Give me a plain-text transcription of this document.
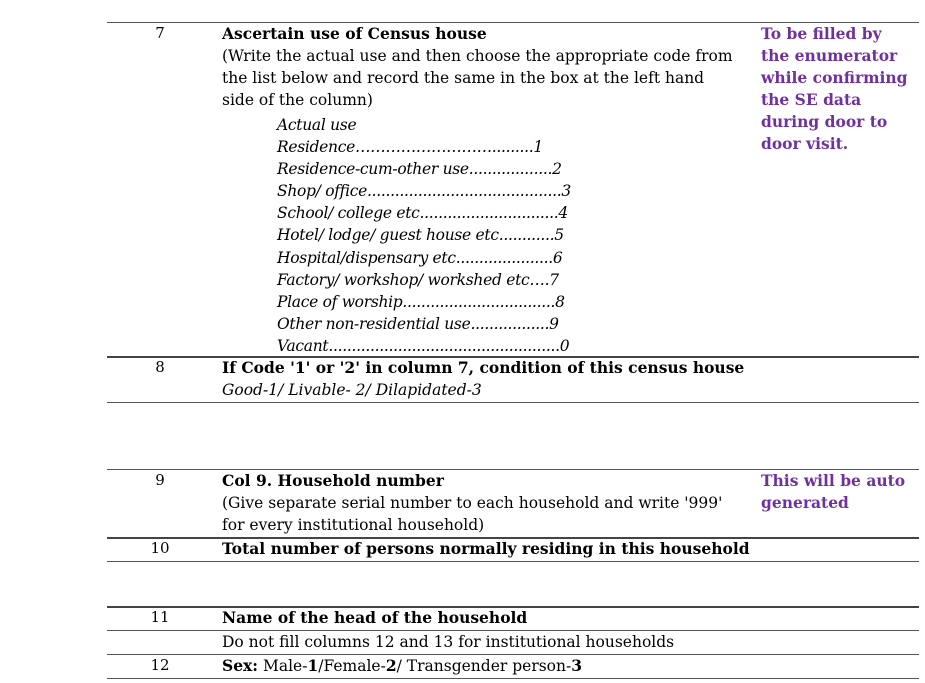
7	Ascertain use of Census house
(Write the actual use and then choose the appropriate code from
the list below and record the same in the box at the left hand
side of the column)
Actual use
Residence……………………….........1
Residence-cum-other use..................2
Shop/ office..........................................3
School/ college etc..............................4
Hotel/ lodge/ guest house etc............5
Hospital/dispensary etc.....................6
Factory/ workshop/ workshed etc….7
Place of worship.................................8
Other non-residential use.................9
Vacant..................................................0
To be filled by
the enumerator
while confirming
the SE data
during door to
door visit.
8	If Code '1' or '2' in column 7, condition of this census house
Good-1/ Livable- 2/ Dilapidated-3
9	Col 9. Household number
(Give separate serial number to each household and write '999'
for every institutional household)
This will be auto
generated
10	Total number of persons normally residing in this household
11	Name of the head of the household
Do not fill columns 12 and 13 for institutional households
12	Sex: Male-1/Female-2/ Transgender person-3
